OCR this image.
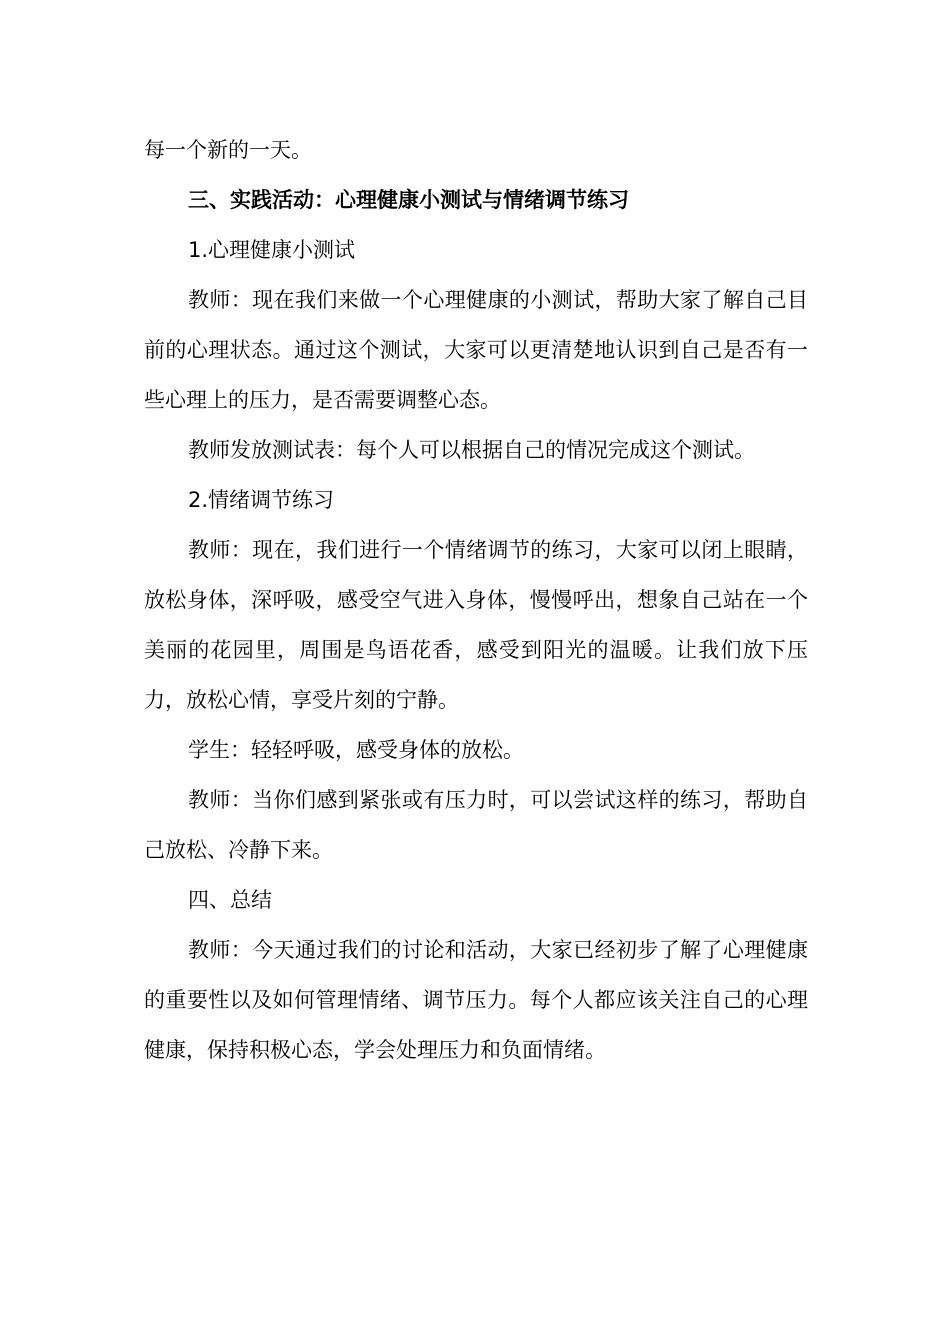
每一个新的一天。

三、实践活动：心理健康小测试与情绪调节练习

1.心理健康小测试

教师：现在我们来做一个心理健康的小测试，帮助大家了解自己目前的心理状态。通过这个测试，大家可以更清楚地认识到自己是否有一些心理上的压力，是否需要调整心态。

教师发放测试表：每个人可以根据自己的情况完成这个测试。

2.情绪调节练习

教师：现在，我们进行一个情绪调节的练习，大家可以闭上眼睛，放松身体，深呼吸，感受空气进入身体，慢慢呼出，想象自己站在一个美丽的花园里，周围是鸟语花香，感受到阳光的温暖。让我们放下压力，放松心情，享受片刻的宁静。

学生：轻轻呼吸，感受身体的放松。

教师：当你们感到紧张或有压力时，可以尝试这样的练习，帮助自己放松、冷静下来。

四、总结

教师：今天通过我们的讨论和活动，大家已经初步了解了心理健康的重要性以及如何管理情绪、调节压力。每个人都应该关注自己的心理健康，保持积极心态，学会处理压力和负面情绪。
